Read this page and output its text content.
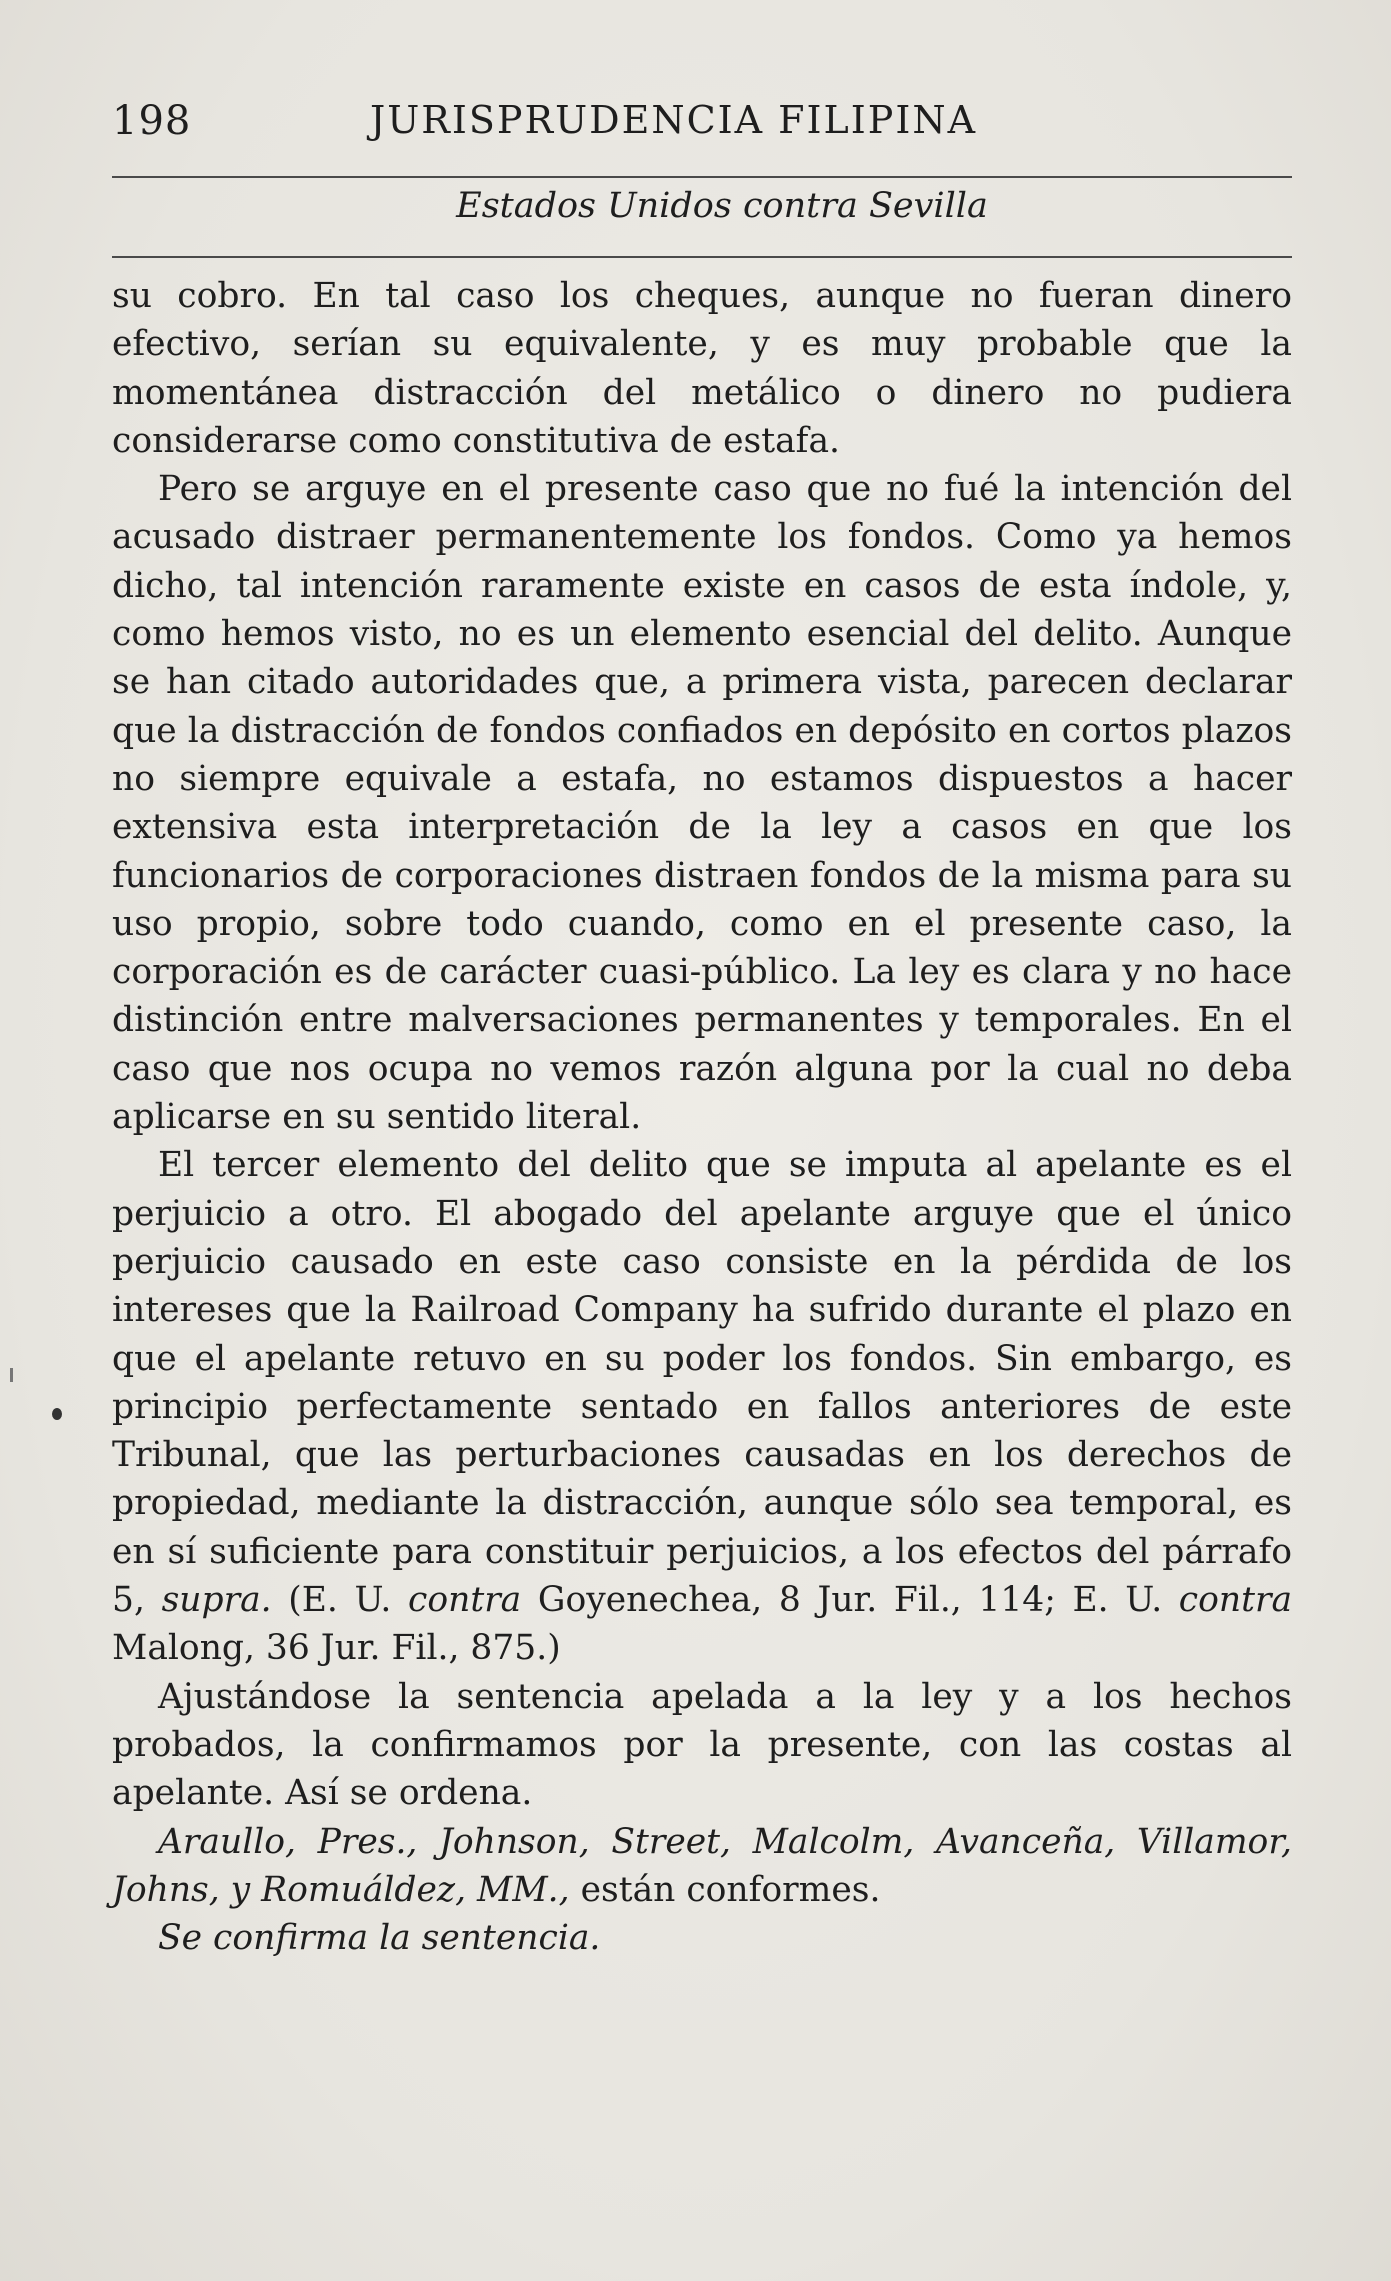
198	JURISPRUDENCIA FILIPINA
Estados Unidos contra Sevilla

su cobro. En tal caso los cheques, aunque no fueran dinero efectivo, serían su equivalente, y es muy probable que la momentánea distracción del metálico o dinero no pudiera considerarse como constitutiva de estafa.

Pero se arguye en el presente caso que no fué la intención del acusado distraer permanentemente los fondos. Como ya hemos dicho, tal intención raramente existe en casos de esta índole, y, como hemos visto, no es un elemento esencial del delito. Aunque se han citado autoridades que, a primera vista, parecen declarar que la distracción de fondos confiados en depósito en cortos plazos no siempre equivale a estafa, no estamos dispuestos a hacer extensiva esta interpretación de la ley a casos en que los funcionarios de corporaciones distraen fondos de la misma para su uso propio, sobre todo cuando, como en el presente caso, la corporación es de carácter cuasi-público. La ley es clara y no hace distinción entre malversaciones permanentes y temporales. En el caso que nos ocupa no vemos razón alguna por la cual no deba aplicarse en su sentido literal.

El tercer elemento del delito que se imputa al apelante es el perjuicio a otro. El abogado del apelante arguye que el único perjuicio causado en este caso consiste en la pérdida de los intereses que la Railroad Company ha sufrido durante el plazo en que el apelante retuvo en su poder los fondos. Sin embargo, es principio perfectamente sentado en fallos anteriores de este Tribunal, que las perturbaciones causadas en los derechos de propiedad, mediante la distracción, aunque sólo sea temporal, es en sí suficiente para constituir perjuicios, a los efectos del párrafo 5, supra. (E. U. contra Goyenechea, 8 Jur. Fil., 114; E. U. contra Malong, 36 Jur. Fil., 875.)

Ajustándose la sentencia apelada a la ley y a los hechos probados, la confirmamos por la presente, con las costas al apelante. Así se ordena.

Araullo, Pres., Johnson, Street, Malcolm, Avanceña, Villamor, Johns, y Romuáldez, MM., están conformes.

Se confirma la sentencia.
